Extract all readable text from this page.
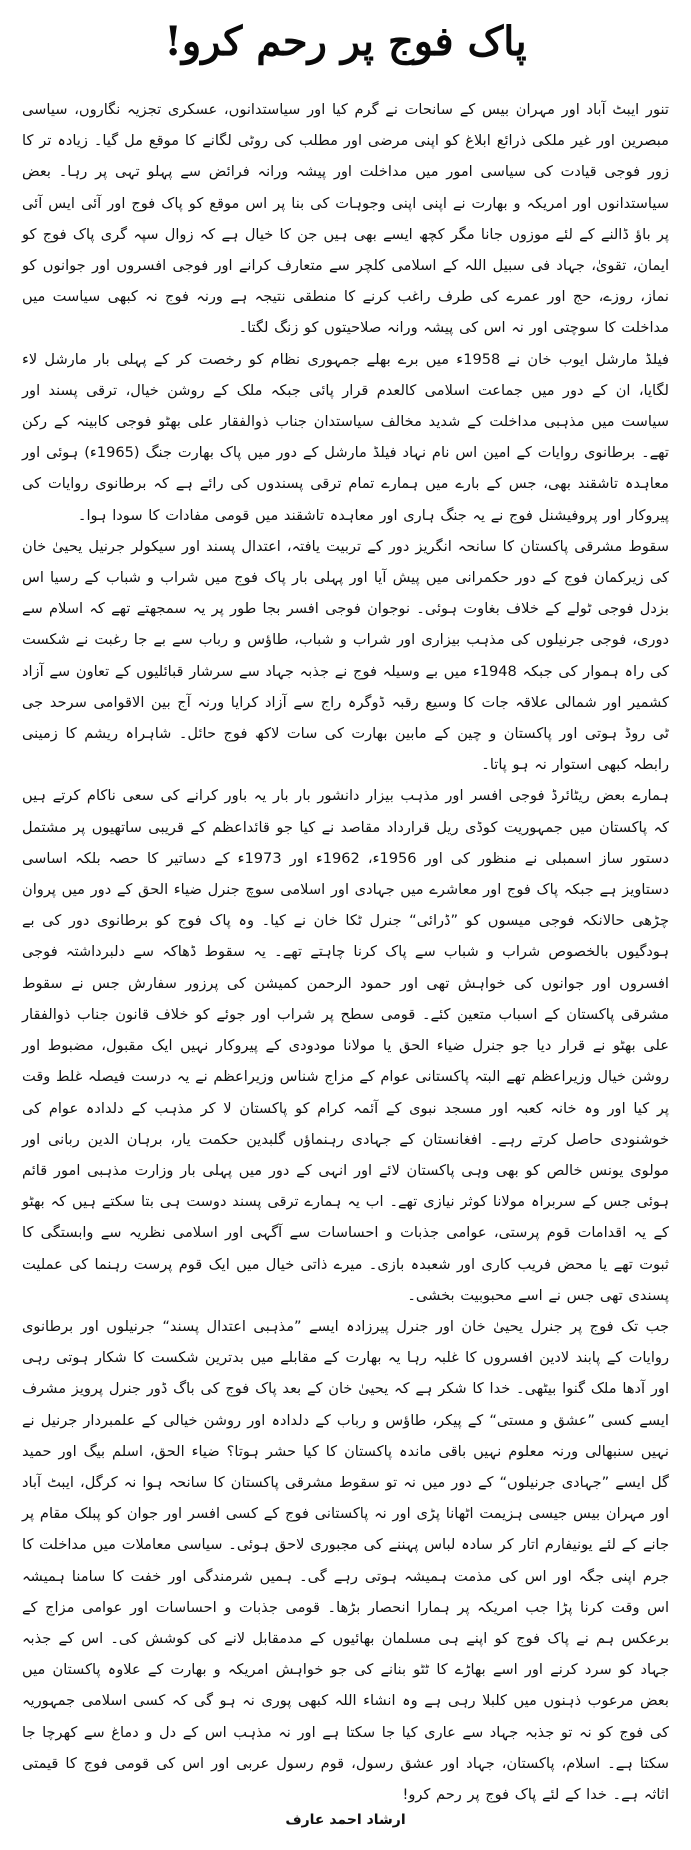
پاک فوج پر رحم کرو!

تنور ایبٹ آباد اور مہران بیس کے سانحات نے گرم کیا اور سیاستدانوں، عسکری تجزیہ نگاروں، سیاسی مبصرین اور غیر ملکی ذرائع ابلاغ کو اپنی مرضی اور مطلب کی روٹی لگانے کا موقع مل گیا۔ زیادہ تر کا زور فوجی قیادت کی سیاسی امور میں مداخلت اور پیشہ ورانہ فرائض سے پہلو تہی پر رہا۔ بعض سیاستدانوں اور امریکہ و بھارت نے اپنی اپنی وجوہات کی بنا پر اس موقع کو پاک فوج اور آئی ایس آئی پر باؤ ڈالنے کے لئے موزوں جانا مگر کچھ ایسے بھی ہیں جن کا خیال ہے کہ زوال سپہ گری پاک فوج کو ایمان، تقویٰ، جہاد فی سبیل اللہ کے اسلامی کلچر سے متعارف کرانے اور فوجی افسروں اور جوانوں کو نماز، روزے، حج اور عمرے کی طرف راغب کرنے کا منطقی نتیجہ ہے ورنہ فوج نہ کبھی سیاست میں مداخلت کا سوچتی اور نہ اس کی پیشہ ورانہ صلاحیتوں کو زنگ لگتا۔

فیلڈ مارشل ایوب خان نے 1958ء میں برے بھلے جمہوری نظام کو رخصت کر کے پہلی بار مارشل لاء لگایا، ان کے دور میں جماعت اسلامی کالعدم قرار پائی جبکہ ملک کے روشن خیال، ترقی پسند اور سیاست میں مذہبی مداخلت کے شدید مخالف سیاستدان جناب ذوالفقار علی بھٹو فوجی کابینہ کے رکن تھے۔ برطانوی روایات کے امین اس نام نہاد فیلڈ مارشل کے دور میں پاک بھارت جنگ (1965ء) ہوئی اور معاہدہ تاشقند بھی، جس کے بارے میں ہمارے تمام ترقی پسندوں کی رائے ہے کہ برطانوی روایات کی پیروکار اور پروفیشنل فوج نے یہ جنگ ہاری اور معاہدہ تاشقند میں قومی مفادات کا سودا ہوا۔

سقوط مشرقی پاکستان کا سانحہ انگریز دور کے تربیت یافتہ، اعتدال پسند اور سیکولر جرنیل یحییٰ خان کی زیرکمان فوج کے دور حکمرانی میں پیش آیا اور پہلی بار پاک فوج میں شراب و شباب کے رسیا اس بزدل فوجی ٹولے کے خلاف بغاوت ہوئی۔ نوجوان فوجی افسر بجا طور پر یہ سمجھتے تھے کہ اسلام سے دوری، فوجی جرنیلوں کی مذہب بیزاری اور شراب و شباب، طاؤس و رباب سے بے جا رغبت نے شکست کی راہ ہموار کی جبکہ 1948ء میں بے وسیلہ فوج نے جذبہ جہاد سے سرشار قبائلیوں کے تعاون سے آزاد کشمیر اور شمالی علاقہ جات کا وسیع رقبہ ڈوگرہ راج سے آزاد کرایا ورنہ آج بین الاقوامی سرحد جی ٹی روڈ ہوتی اور پاکستان و چین کے مابین بھارت کی سات لاکھ فوج حائل۔ شاہراہ ریشم کا زمینی رابطہ کبھی استوار نہ ہو پاتا۔

ہمارے بعض ریٹائرڈ فوجی افسر اور مذہب بیزار دانشور بار بار یہ باور کرانے کی سعی ناکام کرتے ہیں کہ پاکستان میں جمہوریت کوڈی ریل قرارداد مقاصد نے کیا جو قائداعظم کے قریبی ساتھیوں پر مشتمل دستور ساز اسمبلی نے منظور کی اور 1956ء، 1962ء اور 1973ء کے دساتیر کا حصہ بلکہ اساسی دستاویز ہے جبکہ پاک فوج اور معاشرے میں جہادی اور اسلامی سوچ جنرل ضیاء الحق کے دور میں پروان چڑھی حالانکہ فوجی میسوں کو ”ڈرائی“ جنرل ٹکا خان نے کیا۔ وہ پاک فوج کو برطانوی دور کی بے ہودگیوں بالخصوص شراب و شباب سے پاک کرنا چاہتے تھے۔ یہ سقوط ڈھاکہ سے دلبرداشتہ فوجی افسروں اور جوانوں کی خواہش تھی اور حمود الرحمن کمیشن کی پرزور سفارش جس نے سقوط مشرقی پاکستان کے اسباب متعین کئے۔ قومی سطح پر شراب اور جوئے کو خلاف قانون جناب ذوالفقار علی بھٹو نے قرار دیا جو جنرل ضیاء الحق یا مولانا مودودی کے پیروکار نہیں ایک مقبول، مضبوط اور روشن خیال وزیراعظم تھے البتہ پاکستانی عوام کے مزاج شناس وزیراعظم نے یہ درست فیصلہ غلط وقت پر کیا اور وہ خانہ کعبہ اور مسجد نبوی کے آئمہ کرام کو پاکستان لا کر مذہب کے دلدادہ عوام کی خوشنودی حاصل کرتے رہے۔ افغانستان کے جہادی رہنماؤں گلبدین حکمت یار، برہان الدین ربانی اور مولوی یونس خالص کو بھی وہی پاکستان لائے اور انہی کے دور میں پہلی بار وزارت مذہبی امور قائم ہوئی جس کے سربراہ مولانا کوثر نیازی تھے۔ اب یہ ہمارے ترقی پسند دوست ہی بتا سکتے ہیں کہ بھٹو کے یہ اقدامات قوم پرستی، عوامی جذبات و احساسات سے آگہی اور اسلامی نظریہ سے وابستگی کا ثبوت تھے یا محض فریب کاری اور شعبدہ بازی۔ میرے ذاتی خیال میں ایک قوم پرست رہنما کی عملیت پسندی تھی جس نے اسے محبوبیت بخشی۔

جب تک فوج پر جنرل یحییٰ خان اور جنرل پیرزادہ ایسے ”مذہبی اعتدال پسند“ جرنیلوں اور برطانوی روایات کے پابند لادین افسروں کا غلبہ رہا یہ بھارت کے مقابلے میں بدترین شکست کا شکار ہوتی رہی اور آدھا ملک گنوا بیٹھی۔ خدا کا شکر ہے کہ یحییٰ خان کے بعد پاک فوج کی باگ ڈور جنرل پرویز مشرف ایسے کسی ”عشق و مستی“ کے پیکر، طاؤس و رباب کے دلدادہ اور روشن خیالی کے علمبردار جرنیل نے نہیں سنبھالی ورنہ معلوم نہیں باقی ماندہ پاکستان کا کیا حشر ہوتا؟ ضیاء الحق، اسلم بیگ اور حمید گل ایسے ”جہادی جرنیلوں“ کے دور میں نہ تو سقوط مشرقی پاکستان کا سانحہ ہوا نہ کرگل، ایبٹ آباد اور مہران بیس جیسی ہزیمت اٹھانا پڑی اور نہ پاکستانی فوج کے کسی افسر اور جوان کو پبلک مقام پر جانے کے لئے یونیفارم اتار کر سادہ لباس پہننے کی مجبوری لاحق ہوئی۔ سیاسی معاملات میں مداخلت کا جرم اپنی جگہ اور اس کی مذمت ہمیشہ ہوتی رہے گی۔ ہمیں شرمندگی اور خفت کا سامنا ہمیشہ اس وقت کرنا پڑا جب امریکہ پر ہمارا انحصار بڑھا۔ قومی جذبات و احساسات اور عوامی مزاج کے برعکس ہم نے پاک فوج کو اپنے ہی مسلمان بھائیوں کے مدمقابل لانے کی کوشش کی۔ اس کے جذبہ جہاد کو سرد کرنے اور اسے بھاڑے کا ٹٹو بنانے کی جو خواہش امریکہ و بھارت کے علاوہ پاکستان میں بعض مرعوب ذہنوں میں کلبلا رہی ہے وہ انشاء اللہ کبھی پوری نہ ہو گی کہ کسی اسلامی جمہوریہ کی فوج کو نہ تو جذبہ جہاد سے عاری کیا جا سکتا ہے اور نہ مذہب اس کے دل و دماغ سے کھرچا جا سکتا ہے۔ اسلام، پاکستان، جہاد اور عشق رسول، قوم رسول عربی اور اس کی قومی فوج کا قیمتی اثاثہ ہے۔ خدا کے لئے پاک فوج پر رحم کرو!

ارشاد احمد عارف
